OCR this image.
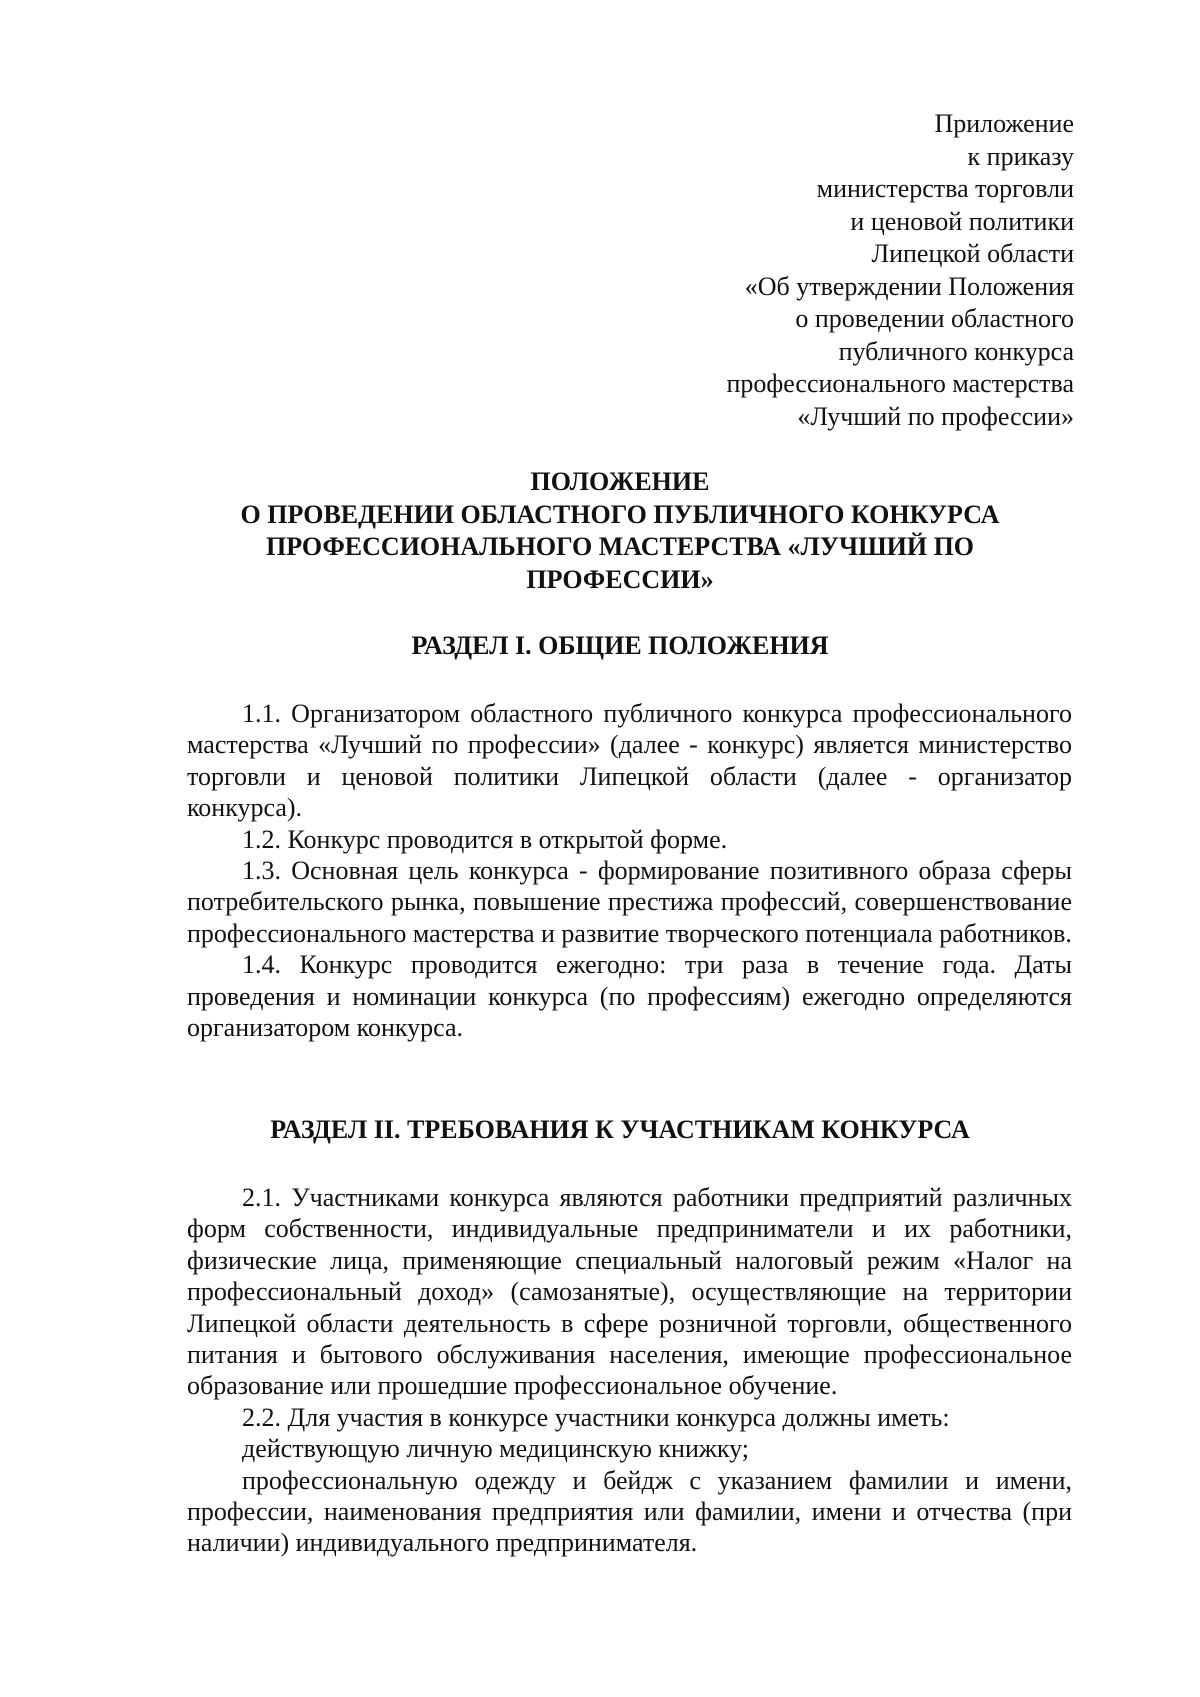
Приложение
к приказу
министерства торговли
и ценовой политики
Липецкой области
«Об утверждении Положения
о проведении областного
публичного конкурса
профессионального мастерства
«Лучший по профессии»
ПОЛОЖЕНИЕ
О ПРОВЕДЕНИИ ОБЛАСТНОГО ПУБЛИЧНОГО КОНКУРСА
ПРОФЕССИОНАЛЬНОГО МАСТЕРСТВА «ЛУЧШИЙ ПО
ПРОФЕССИИ»
РАЗДЕЛ I. ОБЩИЕ ПОЛОЖЕНИЯ

1.1. Организатором областного публичного конкурса профессионального мастерства «Лучший по профессии» (далее - конкурс) является министерство торговли и ценовой политики Липецкой области (далее - организатор конкурса).

1.2. Конкурс проводится в открытой форме.

1.3. Основная цель конкурса - формирование позитивного образа сферы потребительского рынка, повышение престижа профессий, совершенствование профессионального мастерства и развитие творческого потенциала работников.

1.4. Конкурс проводится ежегодно: три раза в течение года. Даты проведения и номинации конкурса (по профессиям) ежегодно определяются организатором конкурса.

РАЗДЕЛ II. ТРЕБОВАНИЯ К УЧАСТНИКАМ КОНКУРСА

2.1. Участниками конкурса являются работники предприятий различных форм собственности, индивидуальные предприниматели и их работники, физические лица, применяющие специальный налоговый режим «Налог на профессиональный доход» (самозанятые), осуществляющие на территории Липецкой области деятельность в сфере розничной торговли, общественного питания и бытового обслуживания населения, имеющие профессиональное образование или прошедшие профессиональное обучение.

2.2. Для участия в конкурсе участники конкурса должны иметь:

действующую личную медицинскую книжку;

профессиональную одежду и бейдж с указанием фамилии и имени, профессии, наименования предприятия или фамилии, имени и отчества (при наличии) индивидуального предпринимателя.
